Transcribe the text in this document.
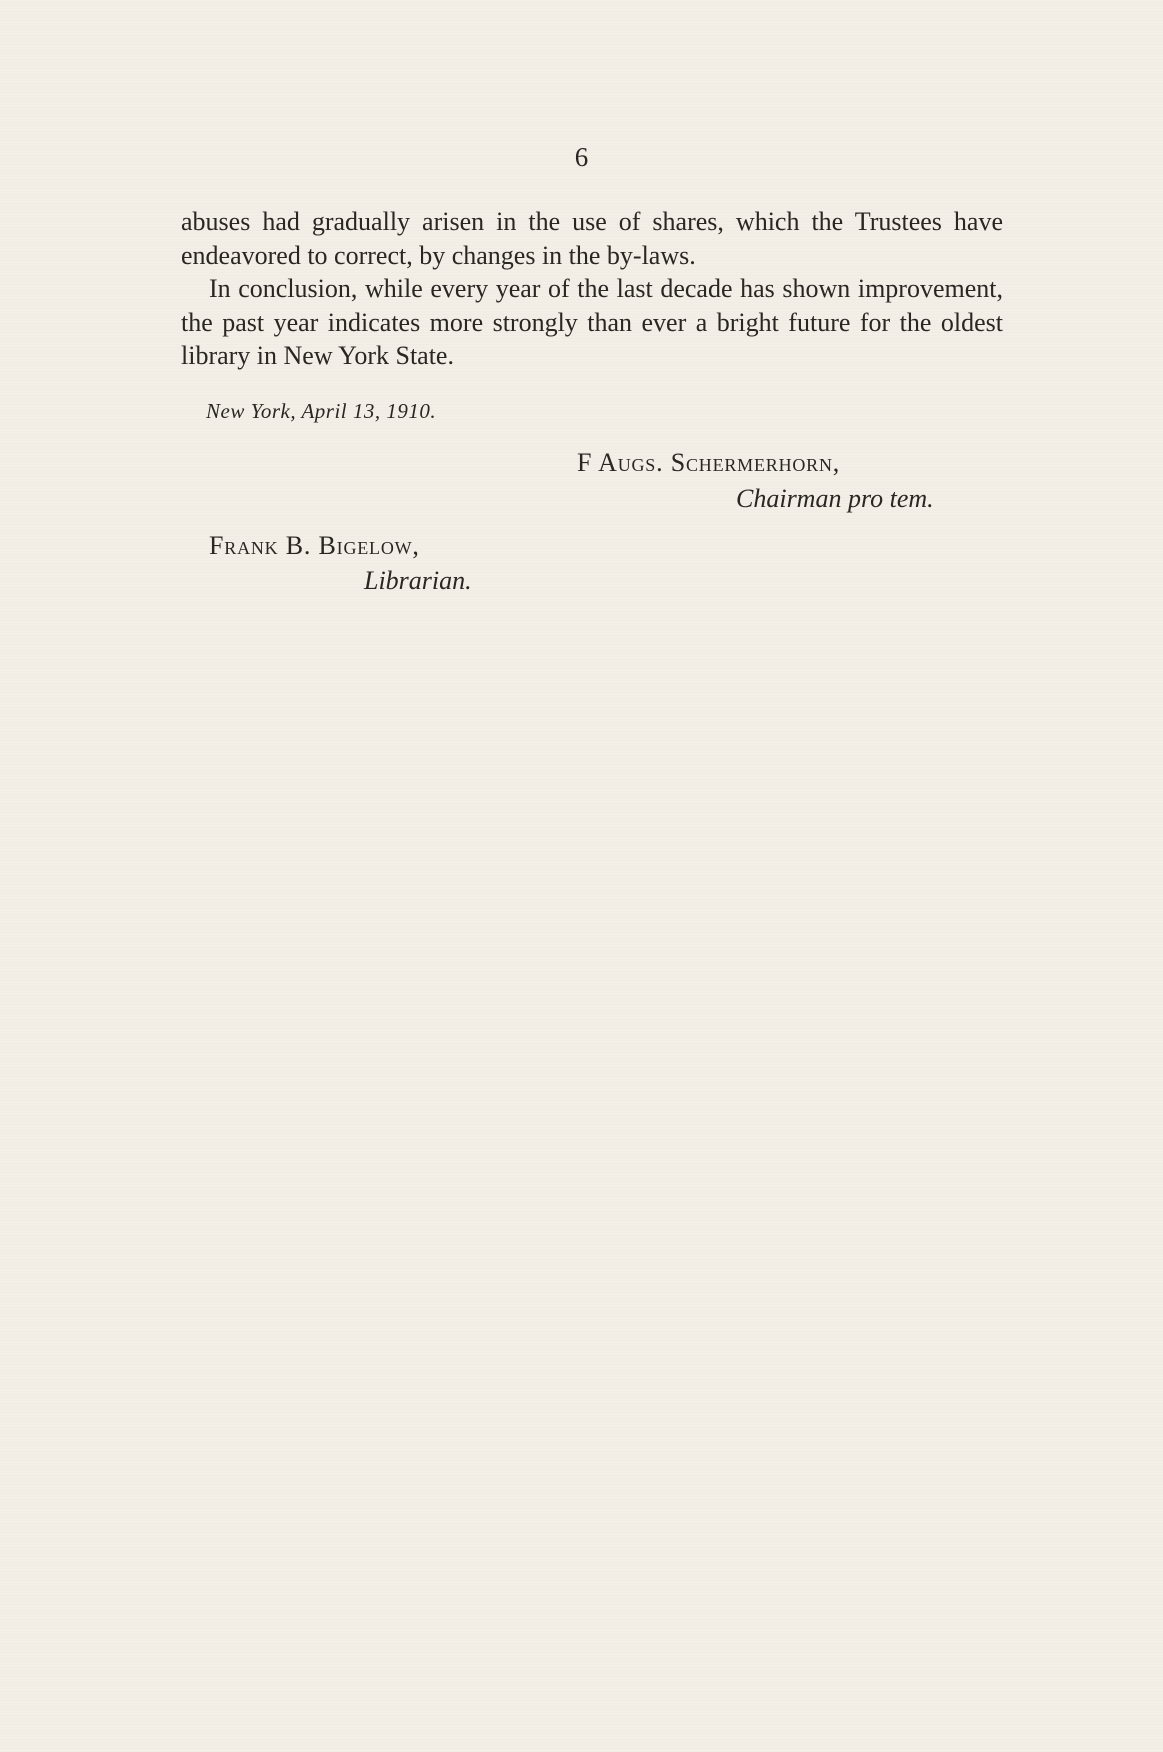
6

abuses had gradually arisen in the use of shares, which the Trustees have endeavored to correct, by changes in the by-laws.

In conclusion, while every year of the last decade has shown improvement, the past year indicates more strongly than ever a bright future for the oldest library in New York State.

New York, April 13, 1910.
F Augs. Schermerhorn,
Chairman pro tem.
Frank B. Bigelow,
Librarian.
